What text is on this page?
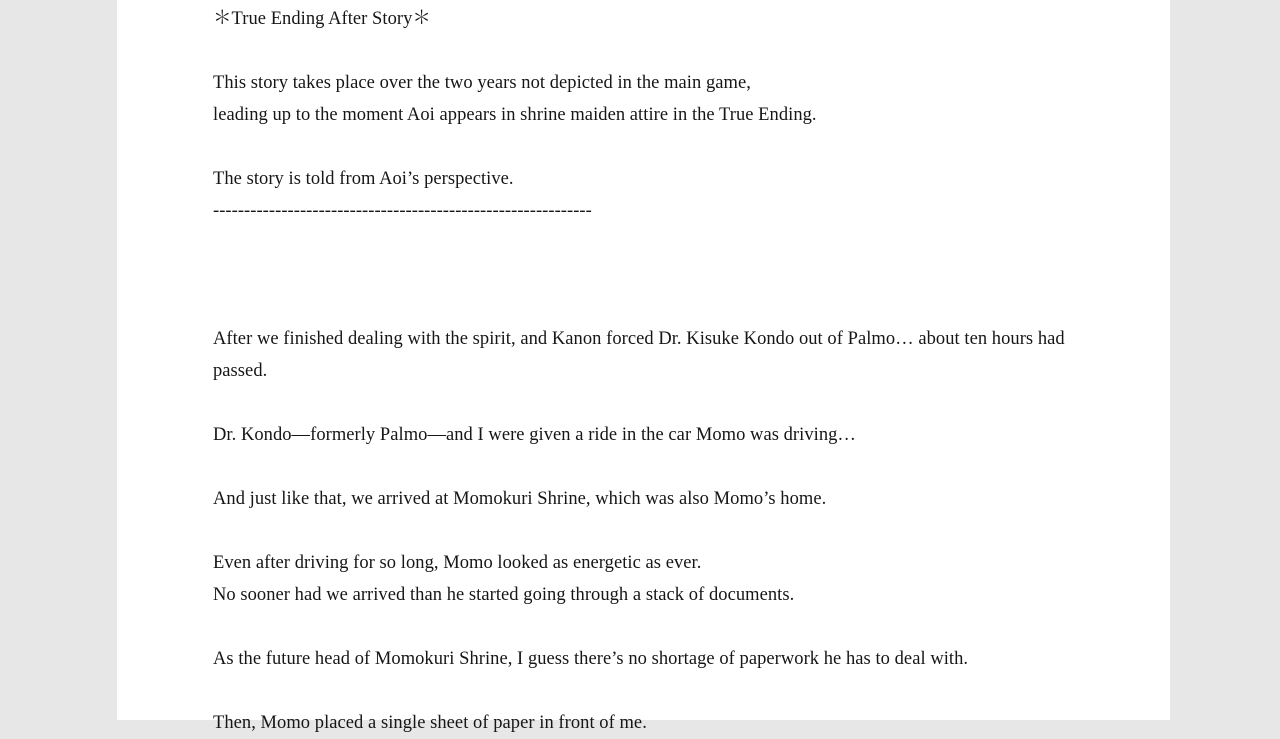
＊True Ending After Story＊
This story takes place over the two years not depicted in the main game,
leading up to the moment Aoi appears in shrine maiden attire in the True Ending.
The story is told from Aoi’s perspective.
-------------------------------------------------------------
After we finished dealing with the spirit, and Kanon forced Dr. Kisuke Kondo out of Palmo… about ten hours had passed.
Dr. Kondo—formerly Palmo—and I were given a ride in the car Momo was driving…
And just like that, we arrived at Momokuri Shrine, which was also Momo’s home.
Even after driving for so long, Momo looked as energetic as ever.
No sooner had we arrived than he started going through a stack of documents.
As the future head of Momokuri Shrine, I guess there’s no shortage of paperwork he has to deal with.
Then, Momo placed a single sheet of paper in front of me.
